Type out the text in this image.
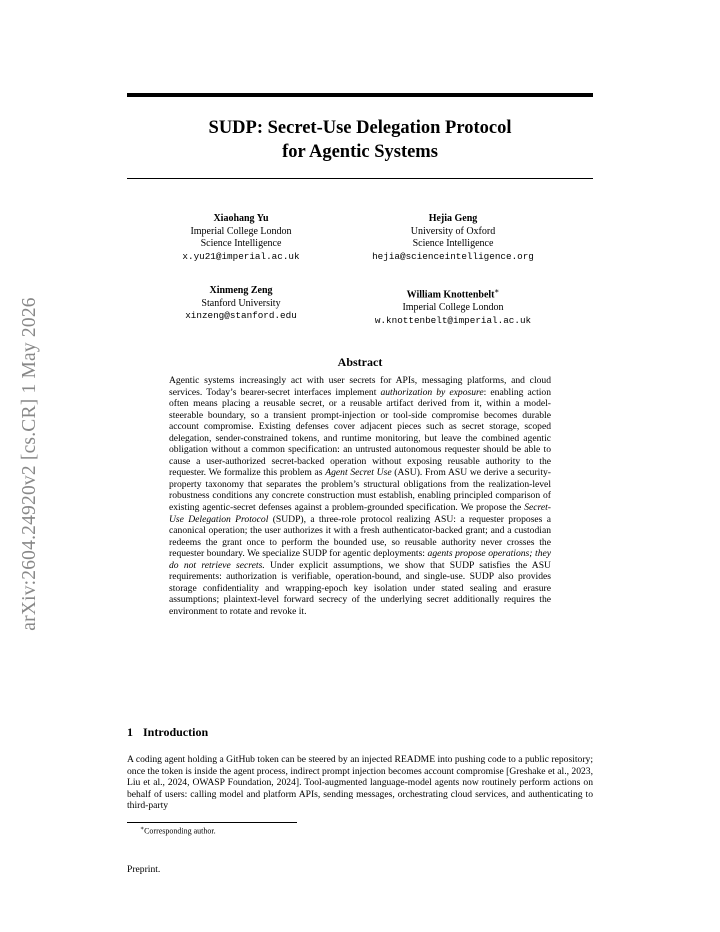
arXiv:2604.24920v2 [cs.CR] 1 May 2026
SUDP: Secret-Use Delegation Protocol
for Agentic Systems
Xiaohang Yu
Imperial College London
Science Intelligence
x.yu21@imperial.ac.uk
Hejia Geng
University of Oxford
Science Intelligence
hejia@scienceintelligence.org
Xinmeng Zeng
Stanford University
xinzeng@stanford.edu
William Knottenbelt∗
Imperial College London
w.knottenbelt@imperial.ac.uk
Abstract
Agentic systems increasingly act with user secrets for APIs, messaging platforms, and cloud services. Today’s bearer-secret interfaces implement authorization by exposure: enabling action often means placing a reusable secret, or a reusable artifact derived from it, within a model-steerable boundary, so a transient prompt-injection or tool-side compromise becomes durable account compromise. Existing defenses cover adjacent pieces such as secret storage, scoped delegation, sender-constrained tokens, and runtime monitoring, but leave the combined agentic obligation without a common specification: an untrusted autonomous requester should be able to cause a user-authorized secret-backed operation without exposing reusable authority to the requester. We formalize this problem as Agent Secret Use (ASU). From ASU we derive a security-property taxonomy that separates the problem’s structural obligations from the realization-level robustness conditions any concrete construction must establish, enabling principled comparison of existing agentic-secret defenses against a problem-grounded specification. We propose the Secret-Use Delegation Protocol (SUDP), a three-role protocol realizing ASU: a requester proposes a canonical operation; the user authorizes it with a fresh authenticator-backed grant; and a custodian redeems the grant once to perform the bounded use, so reusable authority never crosses the requester boundary. We specialize SUDP for agentic deployments: agents propose operations; they do not retrieve secrets. Under explicit assumptions, we show that SUDP satisfies the ASU requirements: authorization is verifiable, operation-bound, and single-use. SUDP also provides storage confidentiality and wrapping-epoch key isolation under stated sealing and erasure assumptions; plaintext-level forward secrecy of the underlying secret additionally requires the environment to rotate and revoke it.
1 Introduction
A coding agent holding a GitHub token can be steered by an injected README into pushing code to a public repository; once the token is inside the agent process, indirect prompt injection becomes account compromise [Greshake et al., 2023, Liu et al., 2024, OWASP Foundation, 2024]. Tool-augmented language-model agents now routinely perform actions on behalf of users: calling model and platform APIs, sending messages, orchestrating cloud services, and authenticating to third-party
∗Corresponding author.
Preprint.
